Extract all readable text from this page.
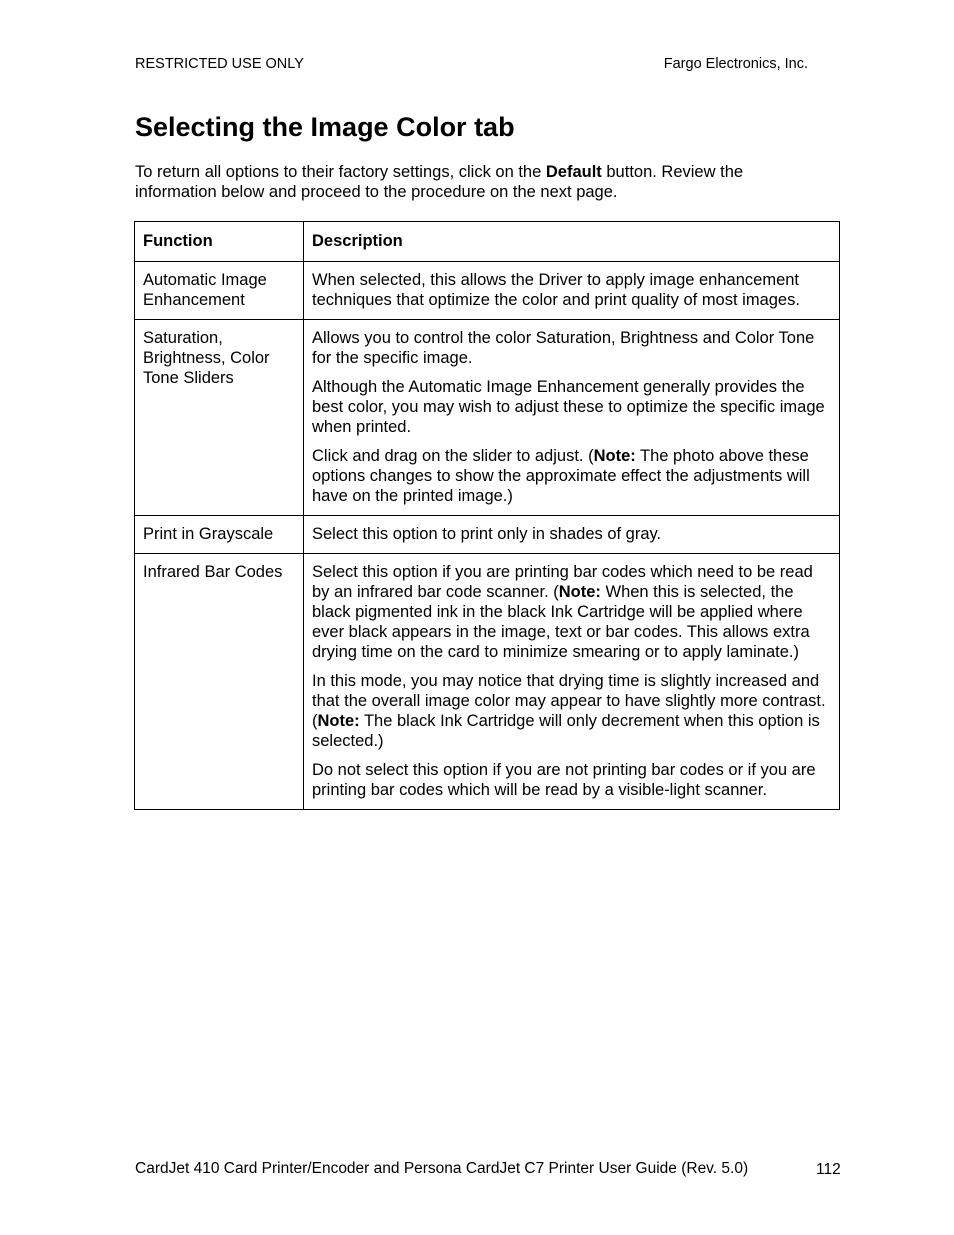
RESTRICTED USE ONLY	Fargo Electronics, Inc.
Selecting the Image Color tab

To return all options to their factory settings, click on the Default button. Review the information below and proceed to the procedure on the next page.

Function	Description
Automatic Image Enhancement	When selected, this allows the Driver to apply image enhancement techniques that optimize the color and print quality of most images.

Saturation, Brightness, Color Tone Sliders	Allows you to control the color Saturation, Brightness and Color Tone for the specific image.

Although the Automatic Image Enhancement generally provides the best color, you may wish to adjust these to optimize the specific image when printed.

Click and drag on the slider to adjust. (Note: The photo above these options changes to show the approximate effect the adjustments will have on the printed image.)

Print in Grayscale	Select this option to print only in shades of gray.

Infrared Bar Codes	Select this option if you are printing bar codes which need to be read by an infrared bar code scanner. (Note: When this is selected, the black pigmented ink in the black Ink Cartridge will be applied where ever black appears in the image, text or bar codes. This allows extra drying time on the card to minimize smearing or to apply laminate.)

In this mode, you may notice that drying time is slightly increased and that the overall image color may appear to have slightly more contrast. (Note: The black Ink Cartridge will only decrement when this option is selected.)

Do not select this option if you are not printing bar codes or if you are printing bar codes which will be read by a visible-light scanner.

CardJet 410 Card Printer/Encoder and Persona CardJet C7 Printer User Guide (Rev. 5.0)	112
